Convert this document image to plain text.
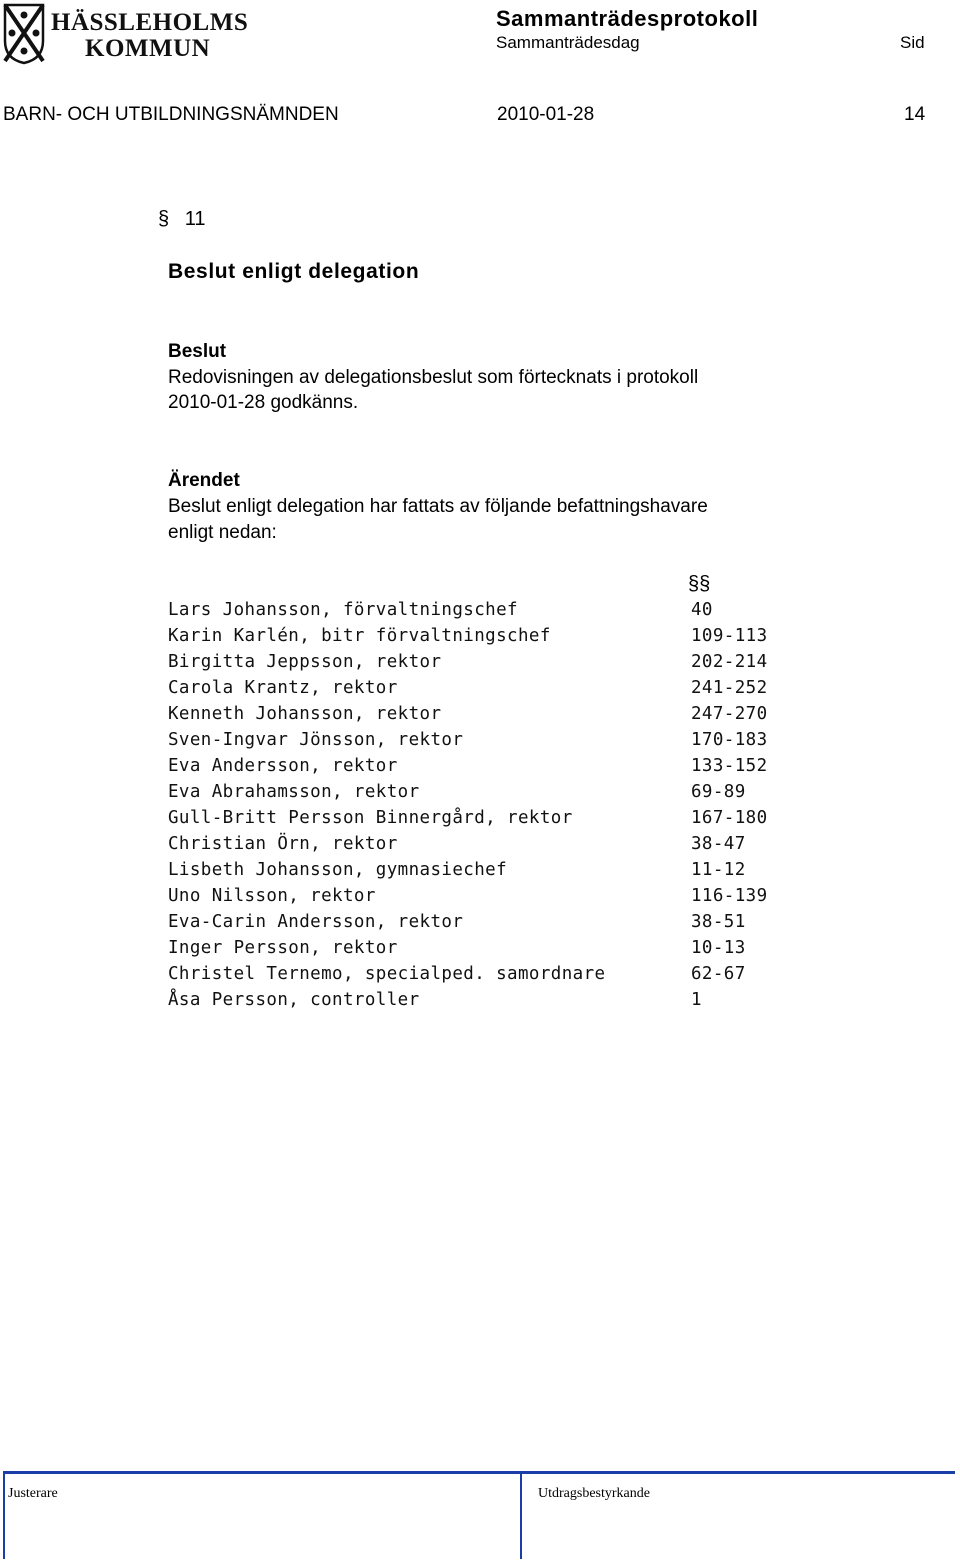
HÄSSLEHOLMS
KOMMUN
Sammanträdesprotokoll
Sammanträdesdag	Sid
BARN- OCH UTBILDNINGSNÄMNDEN	2010-01-28	14
§ 11
Beslut enligt delegation
Beslut
Redovisningen av delegationsbeslut som förtecknats i protokoll
2010-01-28 godkänns.
Ärendet
Beslut enligt delegation har fattats av följande befattningshavare
enligt nedan:
§§
Lars Johansson, förvaltningschef	40
Karin Karlén, bitr förvaltningschef	109-113
Birgitta Jeppsson, rektor	202-214
Carola Krantz, rektor	241-252
Kenneth Johansson, rektor	247-270
Sven-Ingvar Jönsson, rektor	170-183
Eva Andersson, rektor	133-152
Eva Abrahamsson, rektor	69-89
Gull-Britt Persson Binnergård, rektor	167-180
Christian Örn, rektor	38-47
Lisbeth Johansson, gymnasiechef	11-12
Uno Nilsson, rektor	116-139
Eva-Carin Andersson, rektor	38-51
Inger Persson, rektor	10-13
Christel Ternemo, specialped. samordnare	62-67
Åsa Persson, controller	1
Justerare	Utdragsbestyrkande
